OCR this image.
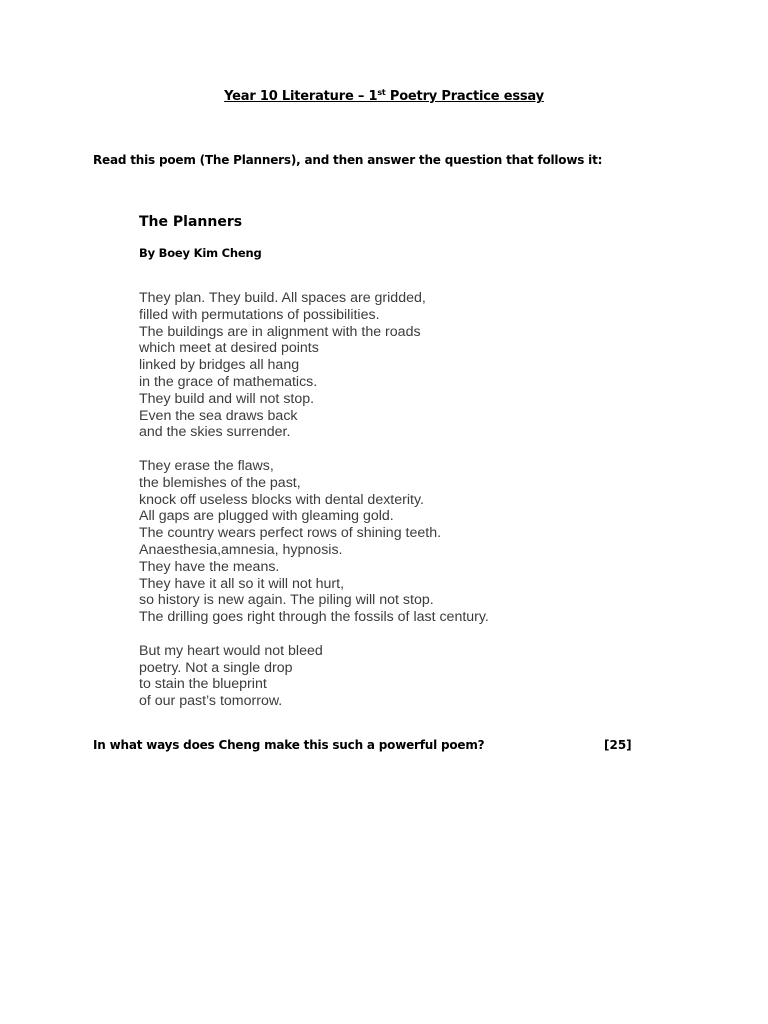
Year 10 Literature – 1st Poetry Practice essay
Read this poem (The Planners), and then answer the question that follows it:
The Planners
By Boey Kim Cheng
They plan. They build. All spaces are gridded,
filled with permutations of possibilities.
The buildings are in alignment with the roads
which meet at desired points
linked by bridges all hang
in the grace of mathematics.
They build and will not stop.
Even the sea draws back
and the skies surrender.
They erase the flaws,
the blemishes of the past,
knock off useless blocks with dental dexterity.
All gaps are plugged with gleaming gold.
The country wears perfect rows of shining teeth.
Anaesthesia,amnesia, hypnosis.
They have the means.
They have it all so it will not hurt,
so history is new again. The piling will not stop.
The drilling goes right through the fossils of last century.
But my heart would not bleed
poetry. Not a single drop
to stain the blueprint
of our past’s tomorrow.
In what ways does Cheng make this such a powerful poem?	[25]
